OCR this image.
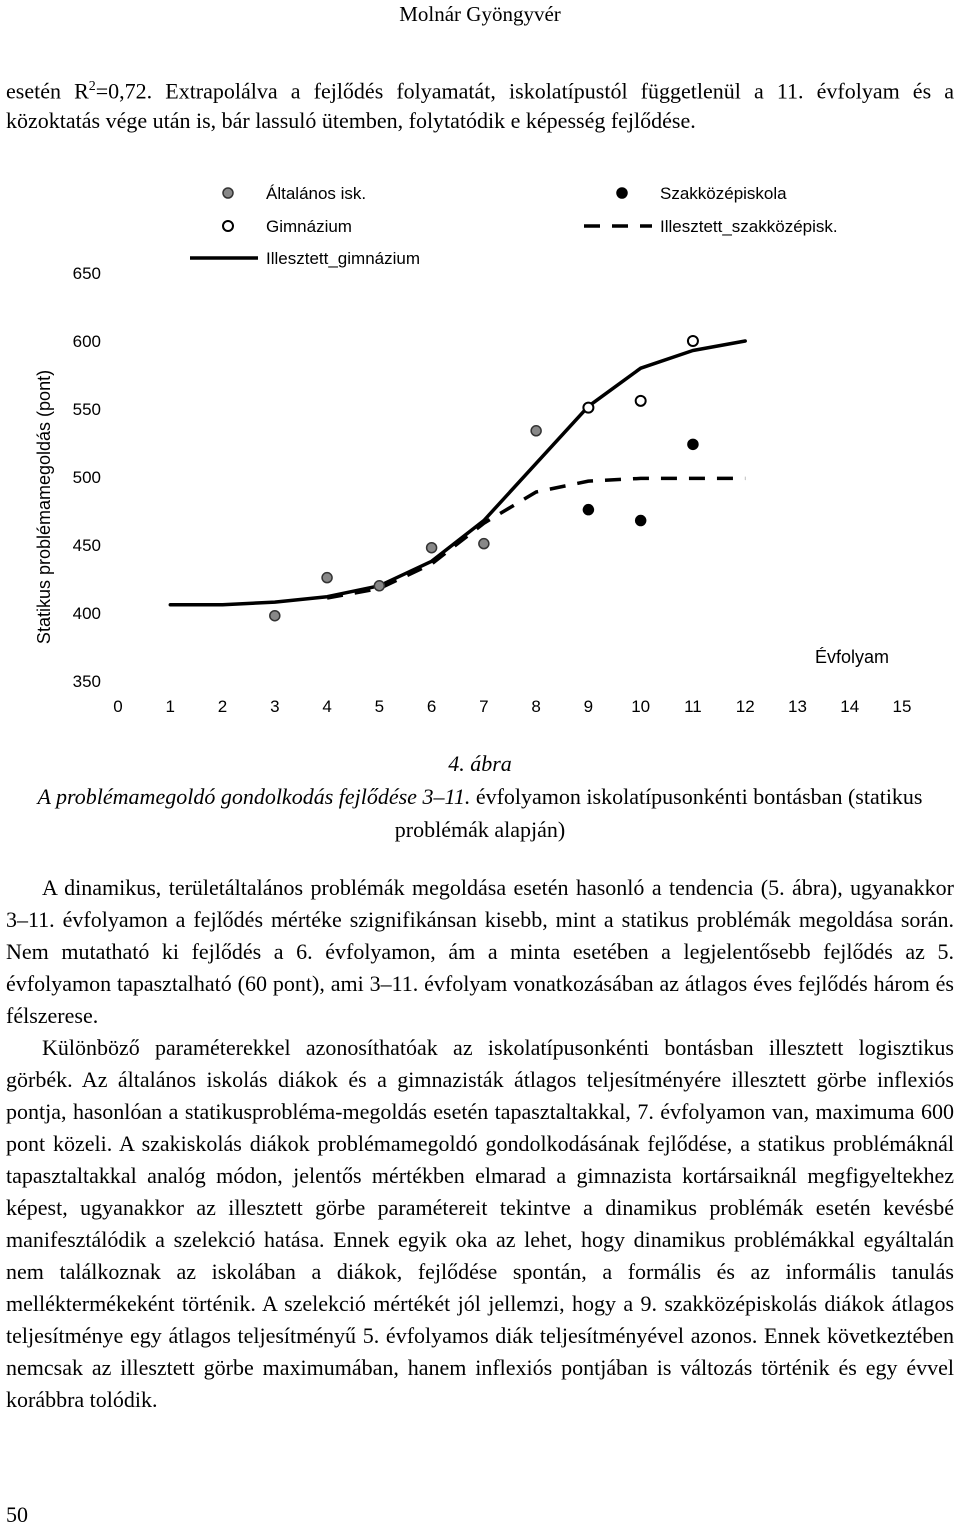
Molnár Gyöngyvér

esetén $R^2=0,72$. Extrapolálva a fejlődés folyamatát, iskolatípustól függetlenül a 11. évfolyam és a közoktatás vége után is, bár lassuló ütemben, folytatódik e képesség fejlődése.

350
400
450
500
550
600
650
0	1	2	3	4	5	6	7	8	9 10 11 12 13 14 15
Általános isk.	Szakközépiskola
Gimnázium	Illesztett_szakközépisk.
Illesztett_gimnázium
Statikus problémamegoldás (pont)
Évfolyam
4. ábra
A problémamegoldó gondolkodás fejlődése 3–11. évfolyamon iskolatípusonkénti bontásban (statikus problémák alapján)
A dinamikus, területáltalános problémák megoldása esetén hasonló a tendencia (5. ábra), ugyanakkor 3–11. évfolyamon a fejlődés mértéke szignifikánsan kisebb, mint a statikus problémák megoldása során. Nem mutatható ki fejlődés a 6. évfolyamon, ám a minta esetében a legjelentősebb fejlődés az 5. évfolyamon tapasztalható (60 pont), ami 3–11. évfolyam vonatkozásában az átlagos éves fejlődés három és félszerese.
Különböző paraméterekkel azonosíthatóak az iskolatípusonkénti bontásban illesztett logisztikus görbék. Az általános iskolás diákok és a gimnazisták átlagos teljesítményére illesztett görbe inflexiós pontja, hasonlóan a statikusprobléma-megoldás esetén tapasztaltakkal, 7. évfolyamon van, maximuma 600 pont közeli. A szakiskolás diákok problémamegoldó gondolkodásának fejlődése, a statikus problémáknál tapasztaltakkal analóg módon, jelentős mértékben elmarad a gimnazista kortársaiknál megfigyeltekhez képest, ugyanakkor az illesztett görbe paramétereit tekintve a dinamikus problémák esetén kevésbé manifesztálódik a szelekció hatása. Ennek egyik oka az lehet, hogy dinamikus problémákkal egyáltalán nem találkoznak az iskolában a diákok, fejlődése spontán, a formális és az informális tanulás melléktermékeként történik. A szelekció mértékét jól jellemzi, hogy a 9. szakközépiskolás diákok átlagos teljesítménye egy átlagos teljesítményű 5. évfolyamos diák teljesítményével azonos. Ennek következtében nemcsak az illesztett görbe maximumában, hanem inflexiós pontjában is változás történik és egy évvel korábbra tolódik.
50
